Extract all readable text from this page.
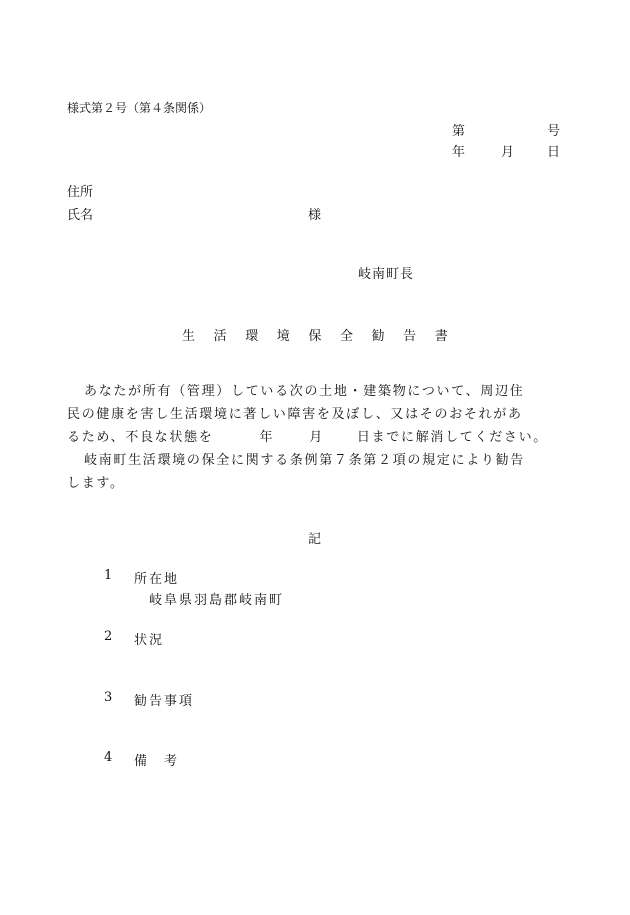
様式第２号（第４条関係）
第	号
年	月	日
住所
氏名	様
岐南町長
生 活 環 境 保 全 勧 告 書
あなたが所有（管理）している次の土地・建築物について、周辺住
民の健康を害し生活環境に著しい障害を及ぼし、又はそのおそれがあ
るため、不良な状態を	年	月	日までに解消してください。
岐南町生活環境の保全に関する条例第７条第２項の規定により勧告
します。
記
1 所在地
岐阜県羽島郡岐南町
2 状況
3 勧告事項
4 備 考
